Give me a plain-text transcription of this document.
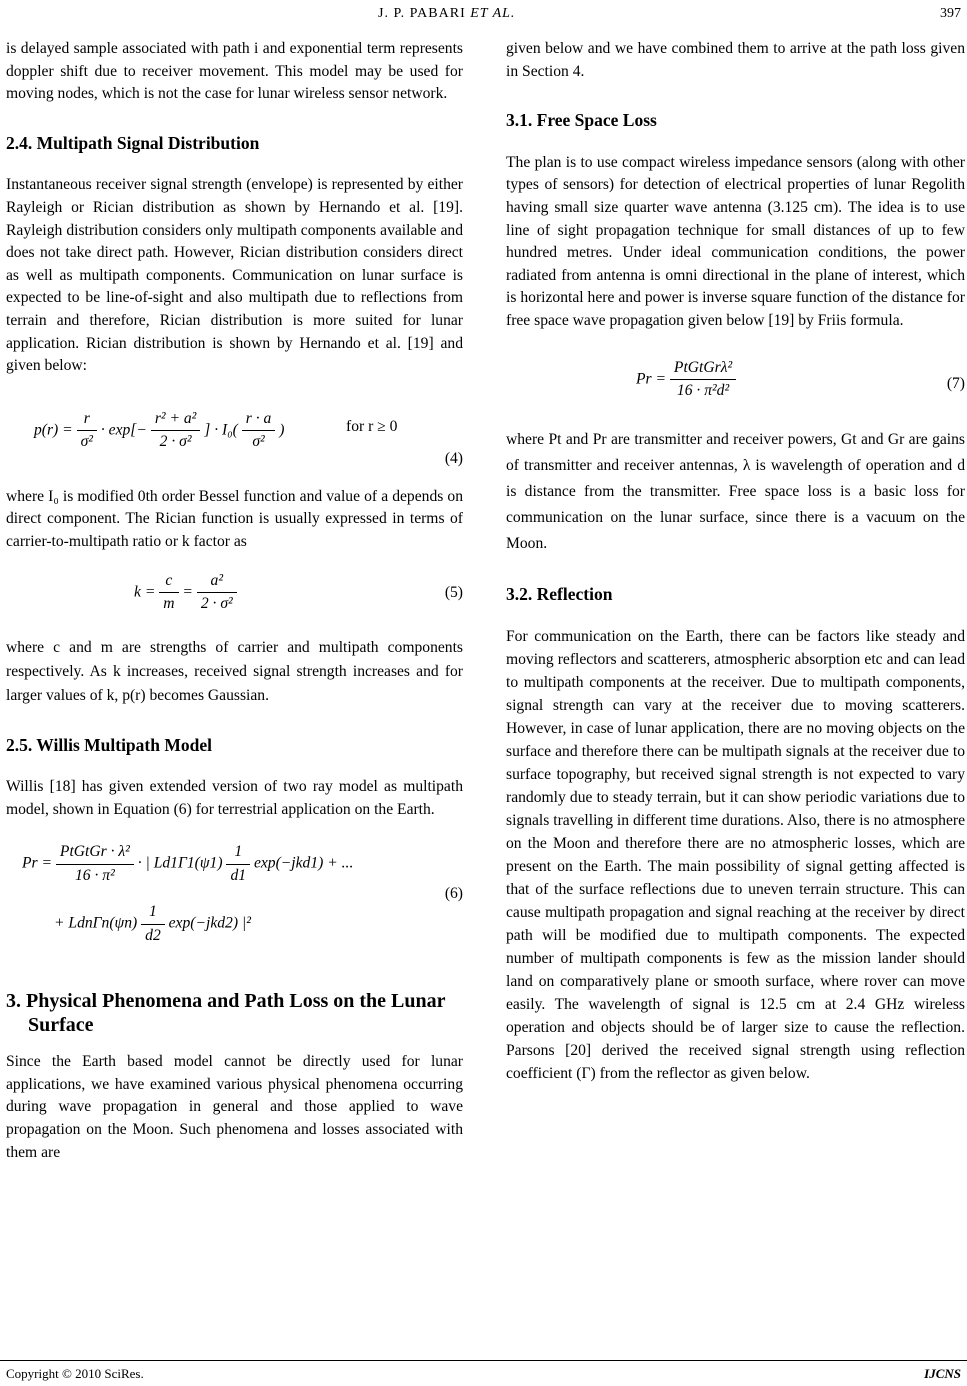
J. P. PABARI ET AL.	397

is delayed sample associated with path i and exponential term represents doppler shift due to receiver movement. This model may be used for moving nodes, which is not the case for lunar wireless sensor network.

2.4. Multipath Signal Distribution

Instantaneous receiver signal strength (envelope) is represented by either Rayleigh or Rician distribution as shown by Hernando et al. [19]. Rayleigh distribution considers only multipath components available and does not take direct path. However, Rician distribution considers direct as well as multipath components. Communication on lunar surface is expected to be line-of-sight and also multipath due to reflections from terrain and therefore, Rician distribution is more suited for lunar application. Rician distribution is shown by Hernando et al. [19] and given below:

$p(r) = \frac{r}{\text{σ²}} \cdot \exp[- \frac{\text{r² + a²}}{\text{2 · σ²}}$ ] · $I_0( \frac{r \cdot a}{\text{σ²}}$ )	for r ≥ 0
(4)

where I₀ is modified 0th order Bessel function and value of a depends on direct component. The Rician function is usually expressed in terms of carrier-to-multipath ratio or k factor as

$k = \frac{c}{m} = \frac{\text{a²}}{\text{2 · σ²}}$	(5)

where c and m are strengths of carrier and multipath components respectively. As k increases, received signal strength increases and for larger values of k, p(r) becomes Gaussian.

2.5. Willis Multipath Model

Willis [18] has given extended version of two ray model as multipath model, shown in Equation (6) for terrestrial application on the Earth.

$Pr = \frac{\text{PtGtGr · λ²}}{\text{16 · π²}}$ · | $Ld1\Gamma 1(\psi 1) \frac{1}{d1} \exp(-jkd1)$ + ...
+ $Ldn\Gamma n(\psi n) \frac{1}{d2} \exp(-jkd2)$ |²
(6)
3. Physical Phenomena and Path Loss on the Lunar Surface

Since the Earth based model cannot be directly used for lunar applications, we have examined various physical phenomena occurring during wave propagation in general and those applied to wave propagation on the Moon. Such phenomena and losses associated with them are

given below and we have combined them to arrive at the path loss given in Section 4.

3.1. Free Space Loss

The plan is to use compact wireless impedance sensors (along with other types of sensors) for detection of electrical properties of lunar Regolith having small size quarter wave antenna (3.125 cm). The idea is to use line of sight propagation technique for small distances of up to few hundred metres. Under ideal communication conditions, the power radiated from antenna is omni directional in the plane of interest, which is horizontal here and power is inverse square function of the distance for free space wave propagation given below [19] by Friis formula.

$Pr = \frac{\text{PtGtGrλ²}}{\text{16 · π²d²}}$	(7)

where Pt and Pr are transmitter and receiver powers, Gt and Gr are gains of transmitter and receiver antennas, λ is wavelength of operation and d is distance from the transmitter. Free space loss is a basic loss for communication on the lunar surface, since there is a vacuum on the Moon.

3.2. Reflection

For communication on the Earth, there can be factors like steady and moving reflectors and scatterers, atmospheric absorption etc and can lead to multipath components at the receiver. Due to multipath components, signal strength can vary at the receiver due to moving scatterers. However, in case of lunar application, there are no moving objects on the surface and therefore there can be multipath signals at the receiver due to surface topography, but received signal strength is not expected to vary randomly due to steady terrain, but it can show periodic variations due to signals travelling in different time durations. Also, there is no atmosphere on the Moon and therefore there are no atmospheric losses, which are present on the Earth. The main possibility of signal getting affected is that of the surface reflections due to uneven terrain structure. This can cause multipath propagation and signal reaching at the receiver by direct path will be modified due to multipath components. The expected number of multipath components is few as the mission lander should land on comparatively plane or smooth surface, where rover can move easily. The wavelength of signal is 12.5 cm at 2.4 GHz wireless operation and objects should be of larger size to cause the reflection. Parsons [20] derived the received signal strength using reflection coefficient (Γ) from the reflector as given below.

Copyright © 2010 SciRes.	IJCNS
